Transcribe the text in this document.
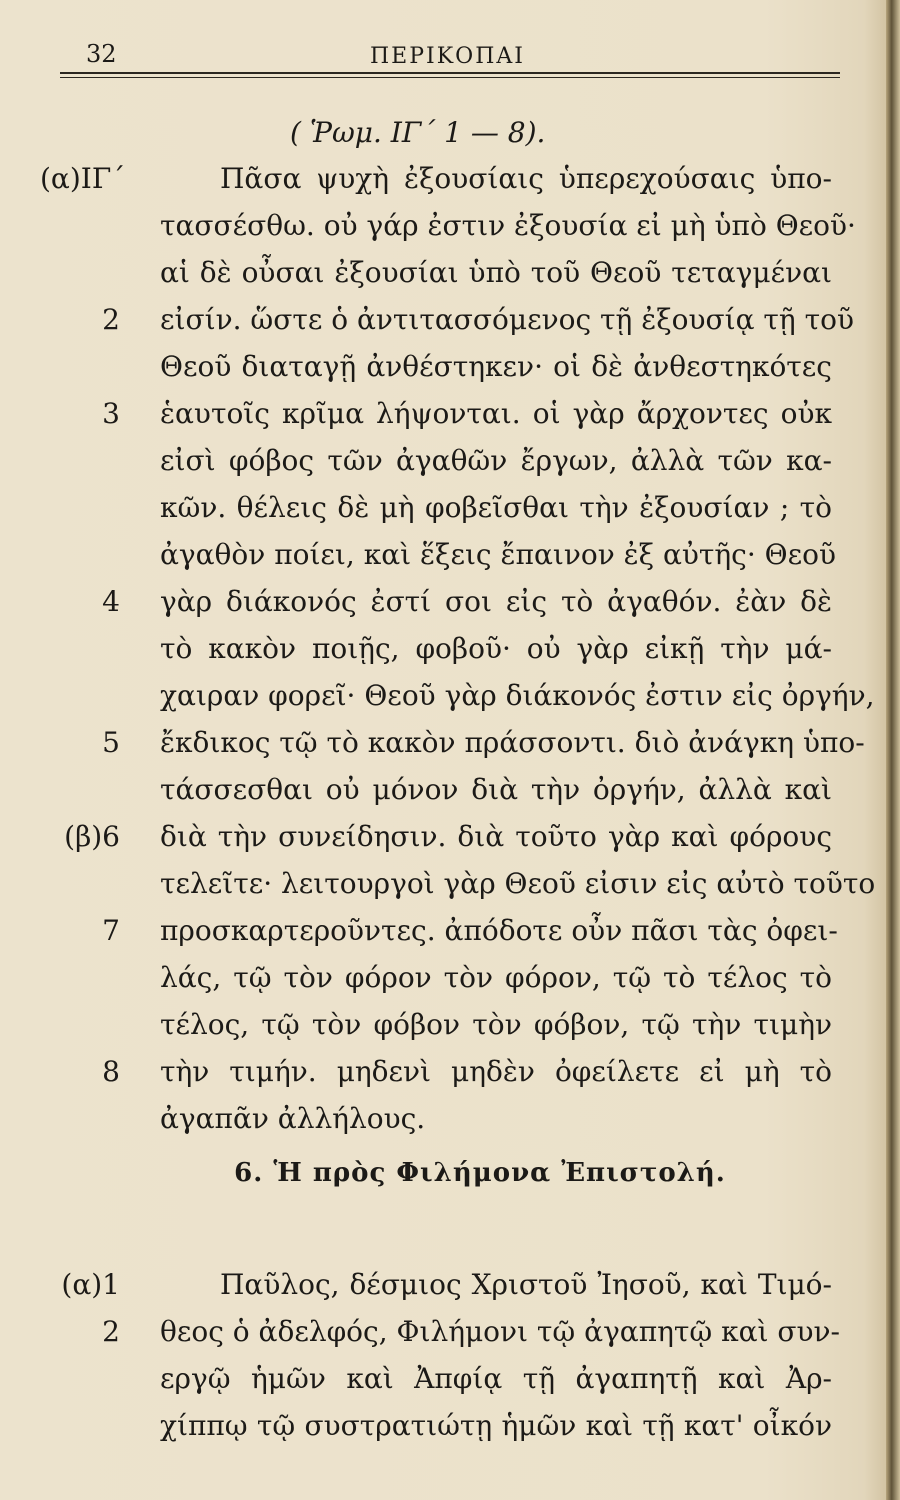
32	ΠΕΡΙΚΟΠΑΙ
( Ῥωμ. ΙΓ΄ 1 — 8).
(α)ΙΓ΄	Πᾶσα ψυχὴ ἐξουσίαις ὑπερεχούσαις ὑπο-
τασσέσθω. οὐ γάρ ἐστιν ἐξουσία εἰ μὴ ὑπὸ Θεοῦ·
αἱ δὲ οὖσαι ἐξουσίαι ὑπὸ τοῦ Θεοῦ τεταγμέναι
2 εἰσίν. ὥστε ὁ ἀντιτασσόμενος τῇ ἐξουσίᾳ τῇ τοῦ
Θεοῦ διαταγῇ ἀνθέστηκεν· οἱ δὲ ἀνθεστηκότες
3 ἑαυτοῖς κρῖμα λήψονται. οἱ γὰρ ἄρχοντες οὐκ
εἰσὶ φόβος τῶν ἀγαθῶν ἔργων, ἀλλὰ τῶν κα-
κῶν. θέλεις δὲ μὴ φοβεῖσθαι τὴν ἐξουσίαν ; τὸ
ἀγαθὸν ποίει, καὶ ἕξεις ἔπαινον ἐξ αὐτῆς· Θεοῦ
4 γὰρ διάκονός ἐστί σοι εἰς τὸ ἀγαθόν. ἐὰν δὲ
τὸ κακὸν ποιῇς, φοβοῦ· οὐ γὰρ εἰκῇ τὴν μά-
χαιραν φορεῖ· Θεοῦ γὰρ διάκονός ἐστιν εἰς ὀργήν,
5 ἔκδικος τῷ τὸ κακὸν πράσσοντι. διὸ ἀνάγκη ὑπο-
τάσσεσθαι οὐ μόνον διὰ τὴν ὀργήν, ἀλλὰ καὶ
(β)6 διὰ τὴν συνείδησιν. διὰ τοῦτο γὰρ καὶ φόρους
τελεῖτε· λειτουργοὶ γὰρ Θεοῦ εἰσιν εἰς αὐτὸ τοῦτο
7 προσκαρτεροῦντες. ἀπόδοτε οὖν πᾶσι τὰς ὀφει-
λάς, τῷ τὸν φόρον τὸν φόρον, τῷ τὸ τέλος τὸ
τέλος, τῷ τὸν φόβον τὸν φόβον, τῷ τὴν τιμὴν
8 τὴν τιμήν. μηδενὶ μηδὲν ὀφείλετε εἰ μὴ τὸ
ἀγαπᾶν ἀλλήλους.
6. Ἡ πρὸς Φιλήμονα Ἐπιστολή.
(α)1	Παῦλος, δέσμιος Χριστοῦ Ἰησοῦ, καὶ Τιμό-
2 θεος ὁ ἀδελφός, Φιλήμονι τῷ ἀγαπητῷ καὶ συν-
εργῷ ἡμῶν καὶ Ἀπφίᾳ τῇ ἀγαπητῇ καὶ Ἀρ-
χίππῳ τῷ συστρατιώτῃ ἡμῶν καὶ τῇ κατ' οἶκόν
